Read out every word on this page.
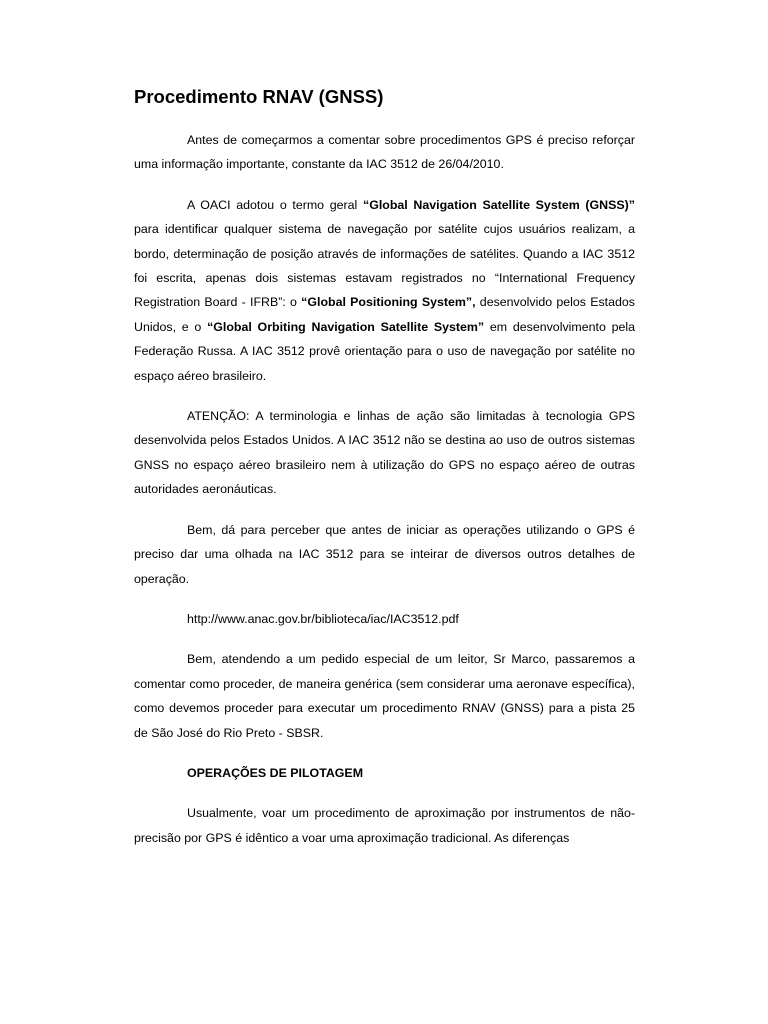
Procedimento RNAV (GNSS)

Antes de começarmos a comentar sobre procedimentos GPS é preciso reforçar uma informação importante, constante da IAC 3512 de 26/04/2010.

A OACI adotou o termo geral “Global Navigation Satellite System (GNSS)” para identificar qualquer sistema de navegação por satélite cujos usuários realizam, a bordo, determinação de posição através de informações de satélites. Quando a IAC 3512 foi escrita, apenas dois sistemas estavam registrados no “International Frequency Registration Board - IFRB”: o “Global Positioning System”, desenvolvido pelos Estados Unidos, e o “Global Orbiting Navigation Satellite System” em desenvolvimento pela Federação Russa. A IAC 3512 provê orientação para o uso de navegação por satélite no espaço aéreo brasileiro.

ATENÇÃO: A terminologia e linhas de ação são limitadas à tecnologia GPS desenvolvida pelos Estados Unidos. A IAC 3512 não se destina ao uso de outros sistemas GNSS no espaço aéreo brasileiro nem à utilização do GPS no espaço aéreo de outras autoridades aeronáuticas.

Bem, dá para perceber que antes de iniciar as operações utilizando o GPS é preciso dar uma olhada na IAC 3512 para se inteirar de diversos outros detalhes de operação.

http://www.anac.gov.br/biblioteca/iac/IAC3512.pdf

Bem, atendendo a um pedido especial de um leitor, Sr Marco, passaremos a comentar como proceder, de maneira genérica (sem considerar uma aeronave específica), como devemos proceder para executar um procedimento RNAV (GNSS) para a pista 25 de São José do Rio Preto - SBSR.

OPERAÇÕES DE PILOTAGEM

Usualmente, voar um procedimento de aproximação por instrumentos de não-precisão por GPS é idêntico a voar uma aproximação tradicional. As diferenças
